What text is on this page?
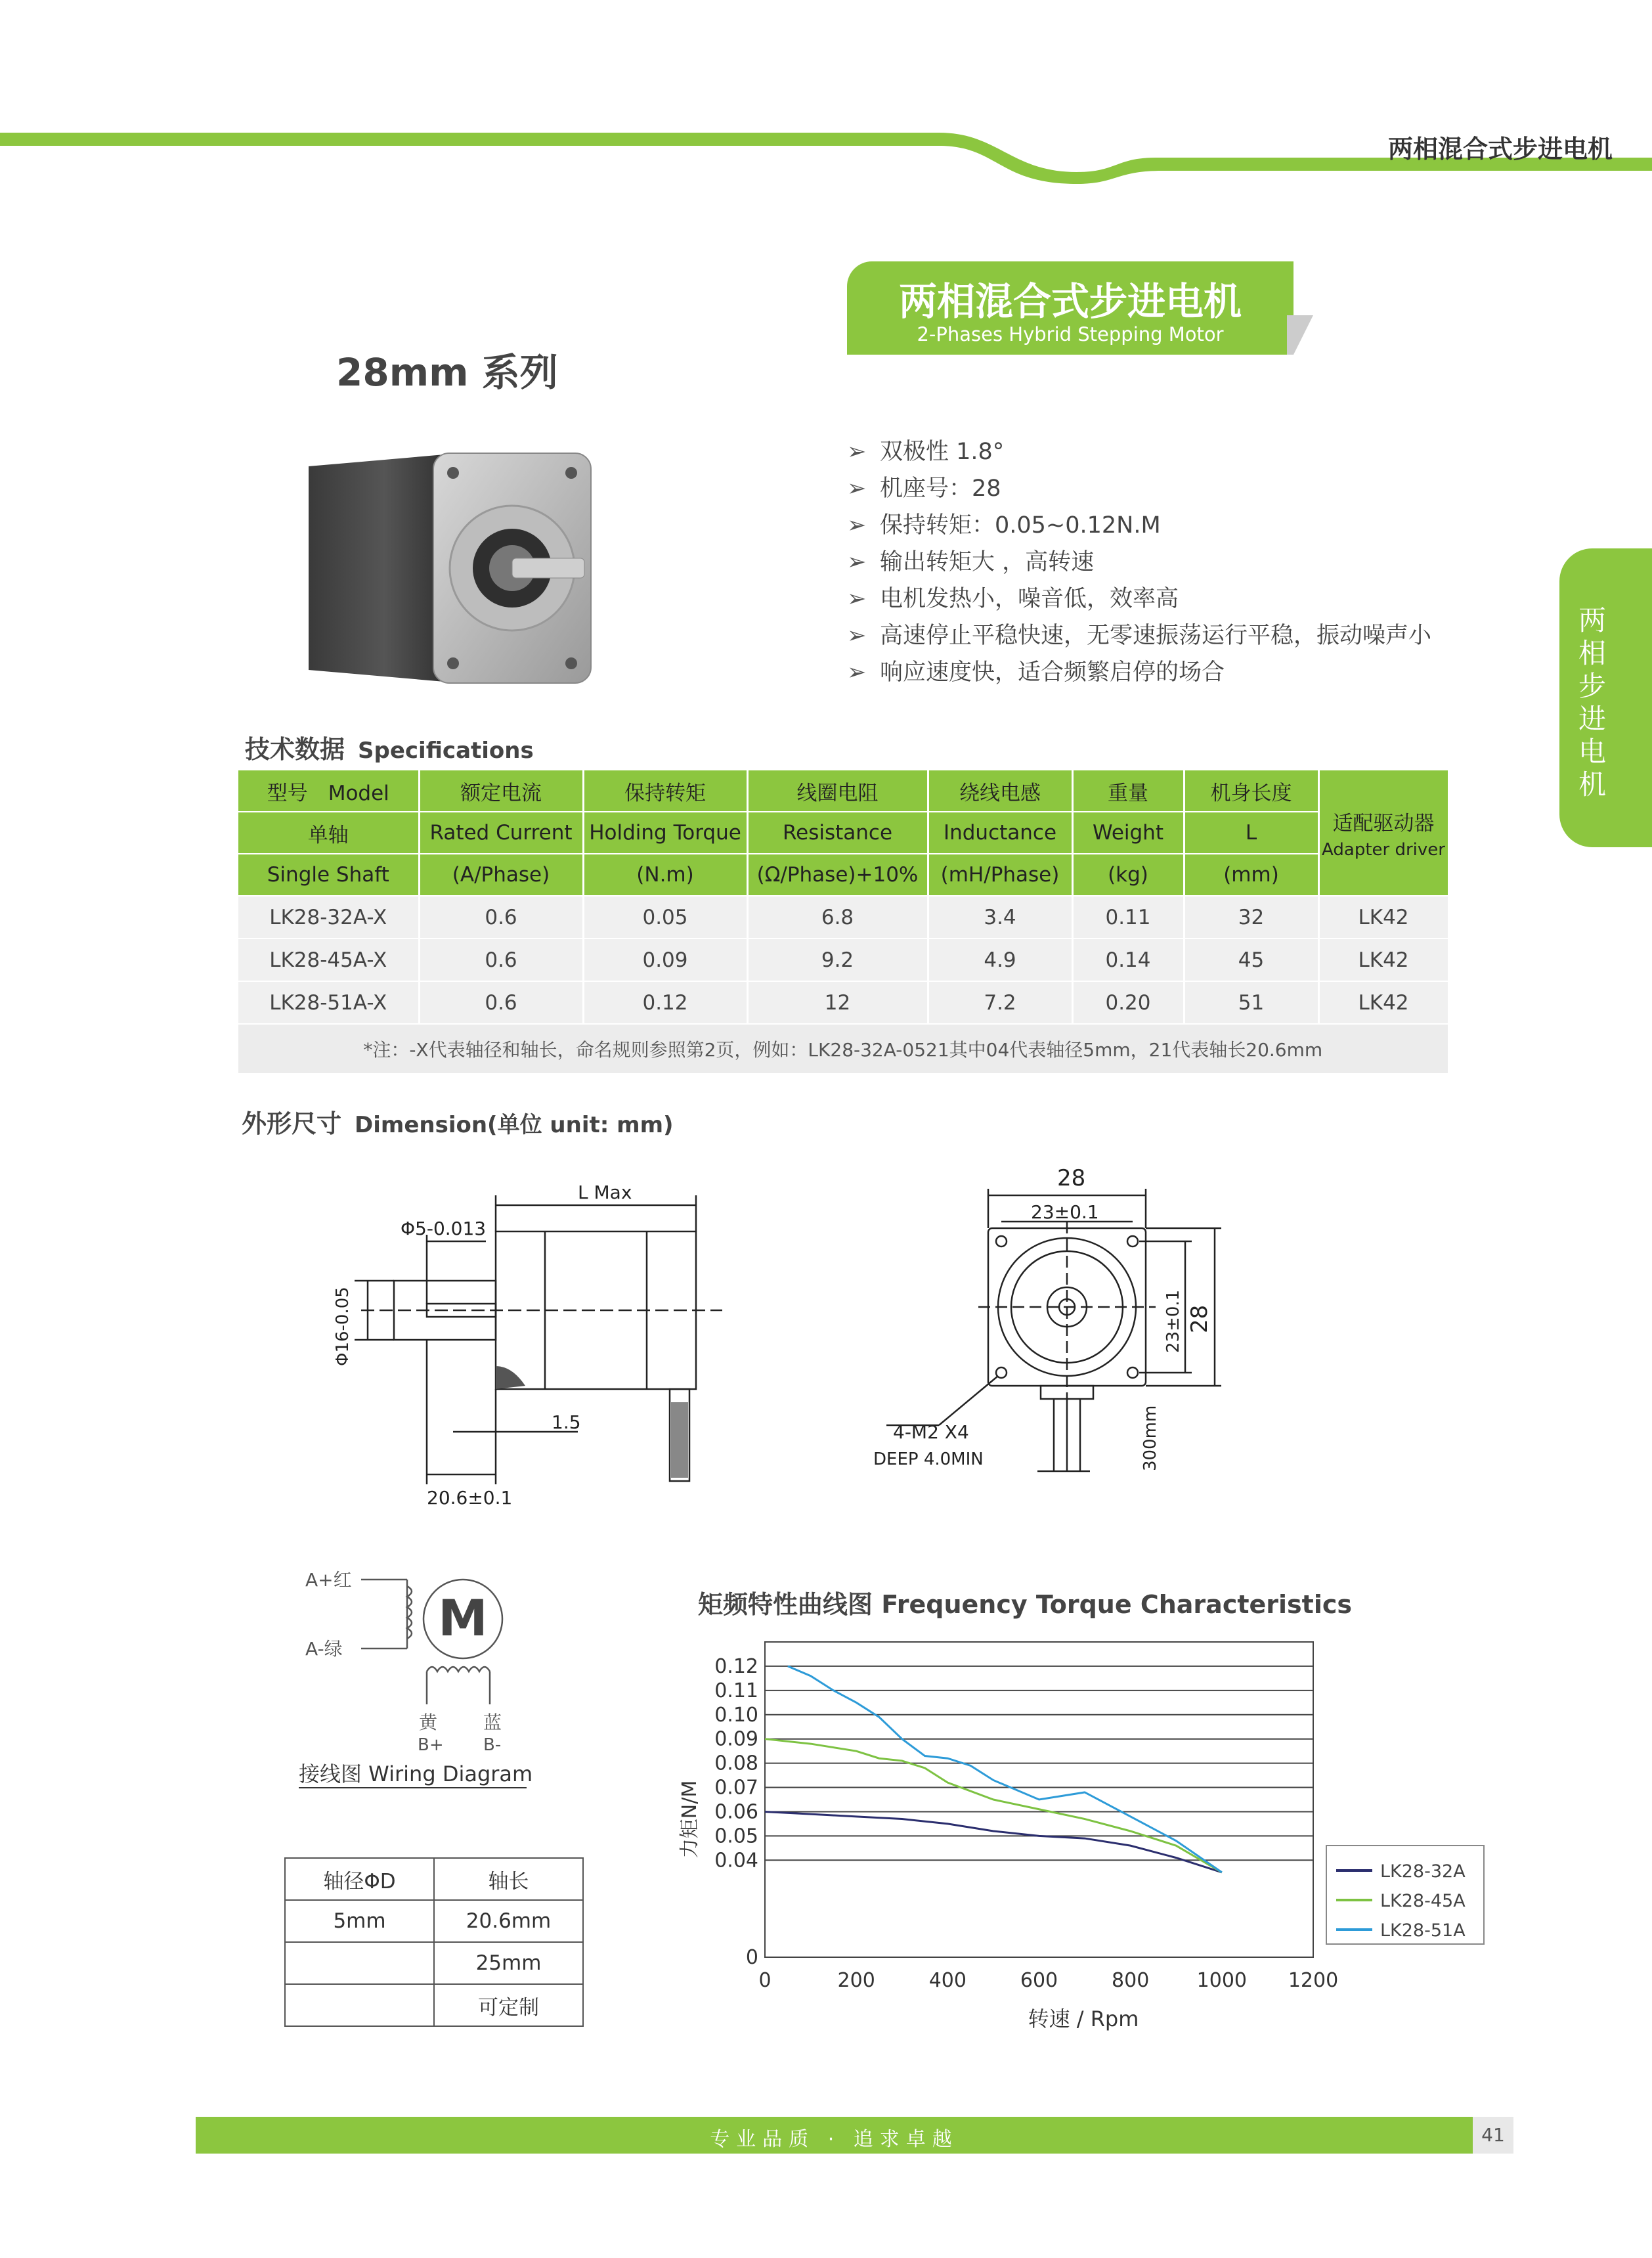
两相混合式步进电机
两相混合式步进电机
2-Phases Hybrid Stepping Motor
28mm 系列
➢ 双极性 1.8°
➢ 机座号：28
➢ 保持转矩：0.05~0.12N.M
➢ 输出转矩大 ，高转速
➢ 电机发热小，噪音低，效率高
➢ 高速停止平稳快速，无零速振荡运行平稳，振动噪声小
➢ 响应速度快，适合频繁启停的场合
两相步进电机
技术数据 Specifications
型号　Model	额定电流	保持转矩	线圈电阻	绕线电感	重量	机身长度	适配驱动器
Adapter driver

单轴	Rated Current	Holding Torque	Resistance	Inductance	Weight	L	
Single Shaft	(A/Phase)	(N.m)	(Ω/Phase)+10%	(mH/Phase)	(kg)	(mm)	
LK28-32A-X	0.6	0.05	6.8	3.4	0.11	32	LK42
LK28-45A-X	0.6	0.09	9.2	4.9	0.14	45	LK42
LK28-51A-X	0.6	0.12	12	7.2	0.20	51	LK42
*注：-X代表轴径和轴长，命名规则参照第2页，例如：LK28-32A-0521其中04代表轴径5mm，21代表轴长20.6mm							
外形尺寸 Dimension(单位 unit: mm)
L Max
Φ5-0.013
Φ16-0.05
1.5
20.6±0.1
28
23±0.1
28
23±0.1
4-M2 X4
DEEP 4.0MIN	300mm
M
A+红
A-绿
黄 蓝
B+ B-
接线图 Wiring Diagram
轴径ΦD	轴长
5mm	20.6mm
	25mm
	可定制
矩频特性曲线图 Frequency Torque Characteristics
0
0.04
0.05
0.06
0.07
0.08
0.09
0.10
0.11
0.12
0	200	400	600	800 1000 1200
力矩N/M
转速 / Rpm
LK28-32A
LK28-45A
LK28-51A
专业品质 · 追求卓越	41
